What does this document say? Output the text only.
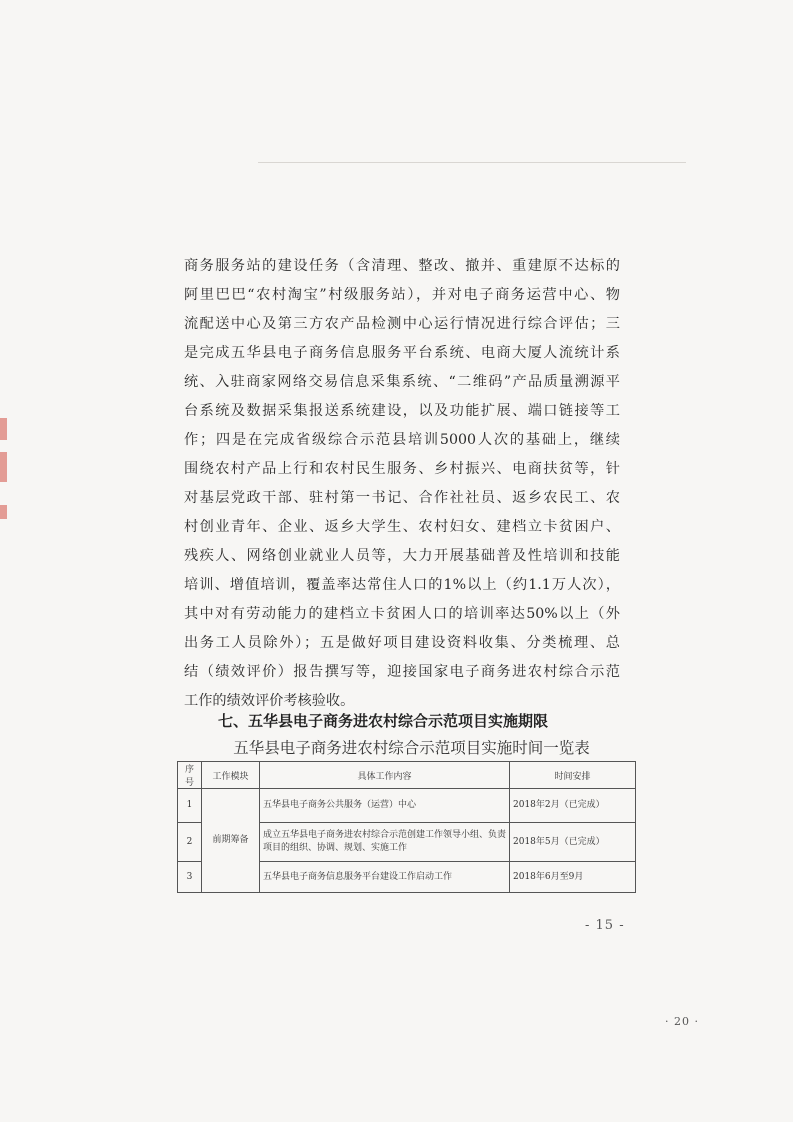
商务服务站的建设任务（含清理、整改、撤并、重建原不达标的
阿里巴巴“农村淘宝”村级服务站），并对电子商务运营中心、物
流配送中心及第三方农产品检测中心运行情况进行综合评估；三
是完成五华县电子商务信息服务平台系统、电商大厦人流统计系
统、入驻商家网络交易信息采集系统、“二维码”产品质量溯源平
台系统及数据采集报送系统建设，以及功能扩展、端口链接等工
作；四是在完成省级综合示范县培训5000人次的基础上，继续
围绕农村产品上行和农村民生服务、乡村振兴、电商扶贫等，针
对基层党政干部、驻村第一书记、合作社社员、返乡农民工、农
村创业青年、企业、返乡大学生、农村妇女、建档立卡贫困户、
残疾人、网络创业就业人员等，大力开展基础普及性培训和技能
培训、增值培训，覆盖率达常住人口的1%以上（约1.1万人次），
其中对有劳动能力的建档立卡贫困人口的培训率达50%以上（外
出务工人员除外）；五是做好项目建设资料收集、分类梳理、总
结（绩效评价）报告撰写等，迎接国家电子商务进农村综合示范
工作的绩效评价考核验收。
七、五华县电子商务进农村综合示范项目实施期限
五华县电子商务进农村综合示范项目实施时间一览表
序号	工作模块	具体工作内容	时间安排
1	前期筹备	五华县电子商务公共服务（运营）中心	2018年2月（已完成）
2		成立五华县电子商务进农村综合示范创建工作领导小组、负责项目的组织、协调、规划、实施工作	2018年5月（已完成）
3		五华县电子商务信息服务平台建设工作启动工作	2018年6月至9月
- 15 -
· 20 ·
